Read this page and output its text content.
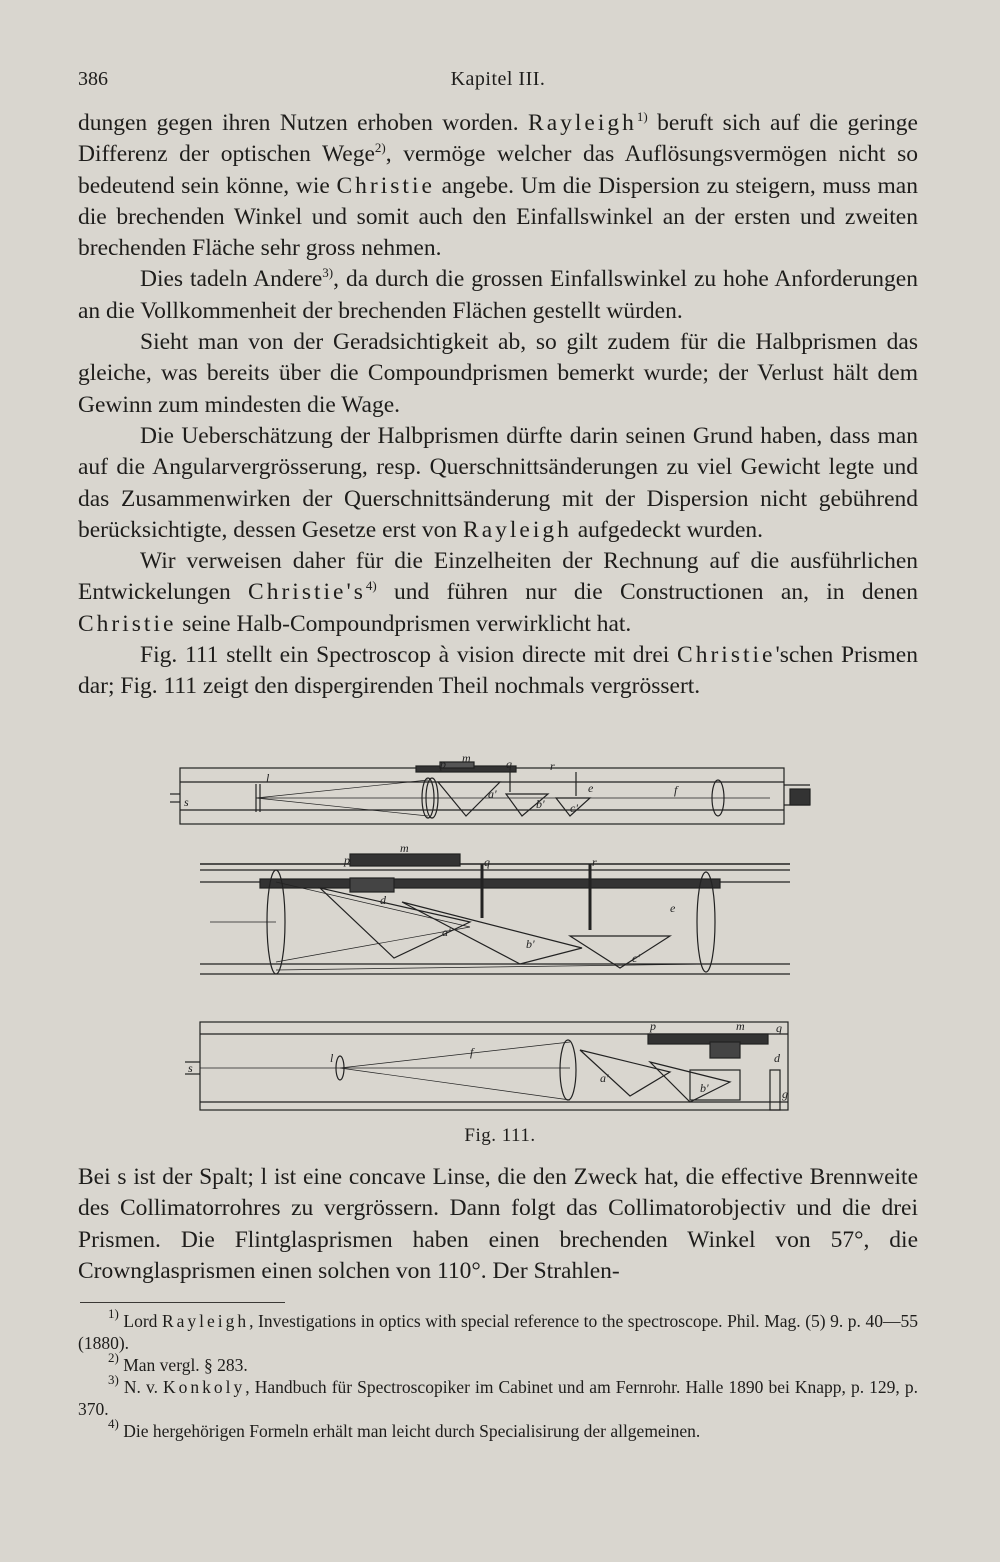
386	Kapitel III.

dungen gegen ihren Nutzen erhoben worden. Rayleigh$^{1)}$ beruft sich auf die geringe Differenz der optischen Wege$^{2)}$, vermöge welcher das Auflösungsvermögen nicht so bedeutend sein könne, wie Christie angebe. Um die Dispersion zu steigern, muss man die brechenden Winkel und somit auch den Einfallswinkel an der ersten und zweiten brechenden Fläche sehr gross nehmen.

Dies tadeln Andere$^{3)}$, da durch die grossen Einfallswinkel zu hohe Anforderungen an die Vollkommenheit der brechenden Flächen gestellt würden.

Sieht man von der Geradsichtigkeit ab, so gilt zudem für die Halbprismen das gleiche, was bereits über die Compoundprismen bemerkt wurde; der Verlust hält dem Gewinn zum mindesten die Wage.

Die Ueberschätzung der Halbprismen dürfte darin seinen Grund haben, dass man auf die Angularvergrösserung, resp. Querschnittsänderungen zu viel Gewicht legte und das Zusammenwirken der Querschnittsänderung mit der Dispersion nicht gebührend berücksichtigte, dessen Gesetze erst von Rayleigh aufgedeckt wurden.

Wir verweisen daher für die Einzelheiten der Rechnung auf die ausführlichen Entwickelungen $Christie's^{4)}$ und führen nur die Constructionen an, in denen Christie seine Halb-Compoundprismen verwirklicht hat.

Fig. 111 stellt ein Spectroscop à vision directe mit drei Christie'schen Prismen dar; Fig. 111 zeigt den dispergirenden Theil nochmals vergrössert.

l
s
p m	q	r
e	f
a'
b' c'
p
m
q	r
d
e
a'
b'
c'
s
l	f
p	m	q
a'
b'
d
g
Fig. 111.

Bei s ist der Spalt; l ist eine concave Linse, die den Zweck hat, die effective Brennweite des Collimatorrohres zu vergrössern. Dann folgt das Collimatorobjectiv und die drei Prismen. Die Flintglasprismen haben einen brechenden Winkel von 57°, die Crownglasprismen einen solchen von 110°. Der Strahlen-

$^{1)}$ Lord Rayleigh, Investigations in optics with special reference to the spectroscope. Phil. Mag. (5) 9. p. 40—55 (1880).

$^{2)}$ Man vergl. § 283.

$^{3)}$ N. v. Konkoly, Handbuch für Spectroscopiker im Cabinet und am Fernrohr. Halle 1890 bei Knapp, p. 129, p. 370.

$^{4)}$ Die hergehörigen Formeln erhält man leicht durch Specialisirung der allgemeinen.
